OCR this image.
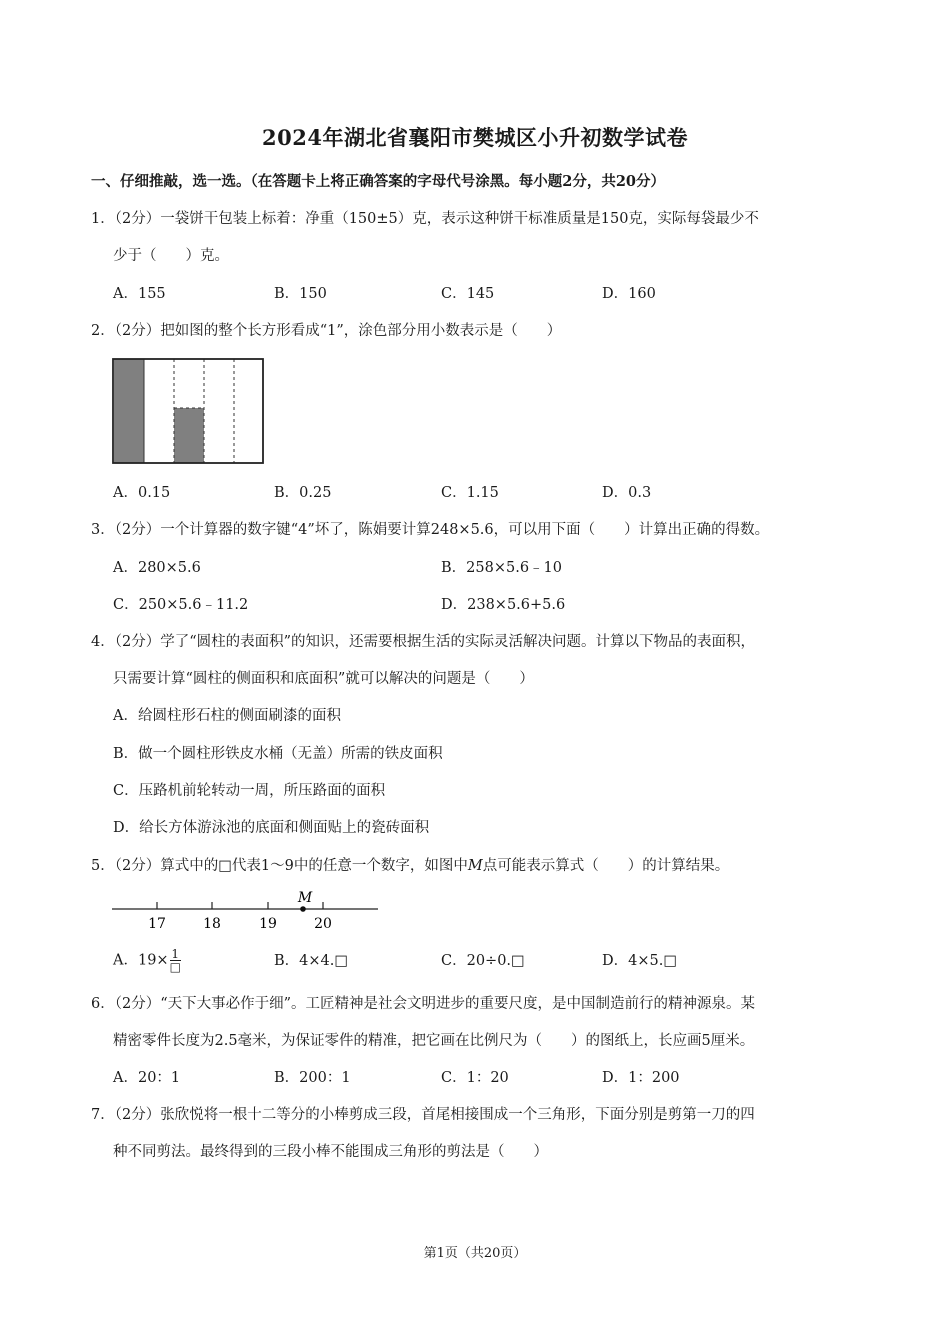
2024年湖北省襄阳市樊城区小升初数学试卷
一、仔细推敲，选一选。（在答题卡上将正确答案的字母代号涂黑。每小题2分，共20分）
1．（2分）一袋饼干包装上标着：净重（150±5）克，表示这种饼干标准质量是150克，实际每袋最少不
少于（　　）克。
A．155	B．150	C．145	D．160
2．（2分）把如图的整个长方形看成“1”，涂色部分用小数表示是（　　）
A．0.15	B．0.25	C．1.15	D．0.3
3．（2分）一个计算器的数字键“4”坏了，陈娟要计算248×5.6，可以用下面（　　）计算出正确的得数。
A．280×5.6	B．258×5.6﹣10
C．250×5.6﹣11.2	D．238×5.6+5.6
4．（2分）学了“圆柱的表面积”的知识，还需要根据生活的实际灵活解决问题。计算以下物品的表面积，
只需要计算“圆柱的侧面积和底面积”就可以解决的问题是（　　）
A．给圆柱形石柱的侧面刷漆的面积
B．做一个圆柱形铁皮水桶（无盖）所需的铁皮面积
C．压路机前轮转动一周，所压路面的面积
D．给长方体游泳池的底面和侧面贴上的瓷砖面积
5．（2分）算式中的□代表1～9中的任意一个数字，如图中M点可能表示算式（　　）的计算结果。
17	18	19	20
M
A．$19\times \frac{1}{□}$	B．4×4.□	C．20÷0.□	D．4×5.□
6．（2分）“天下大事必作于细”。工匠精神是社会文明进步的重要尺度，是中国制造前行的精神源泉。某
精密零件长度为2.5毫米，为保证零件的精准，把它画在比例尺为（　　）的图纸上，长应画5厘米。
A．20：1	B．200：1	C．1：20	D．1：200
7．（2分）张欣悦将一根十二等分的小棒剪成三段，首尾相接围成一个三角形，下面分别是剪第一刀的四
种不同剪法。最终得到的三段小棒不能围成三角形的剪法是（　　）
第1页（共20页）
